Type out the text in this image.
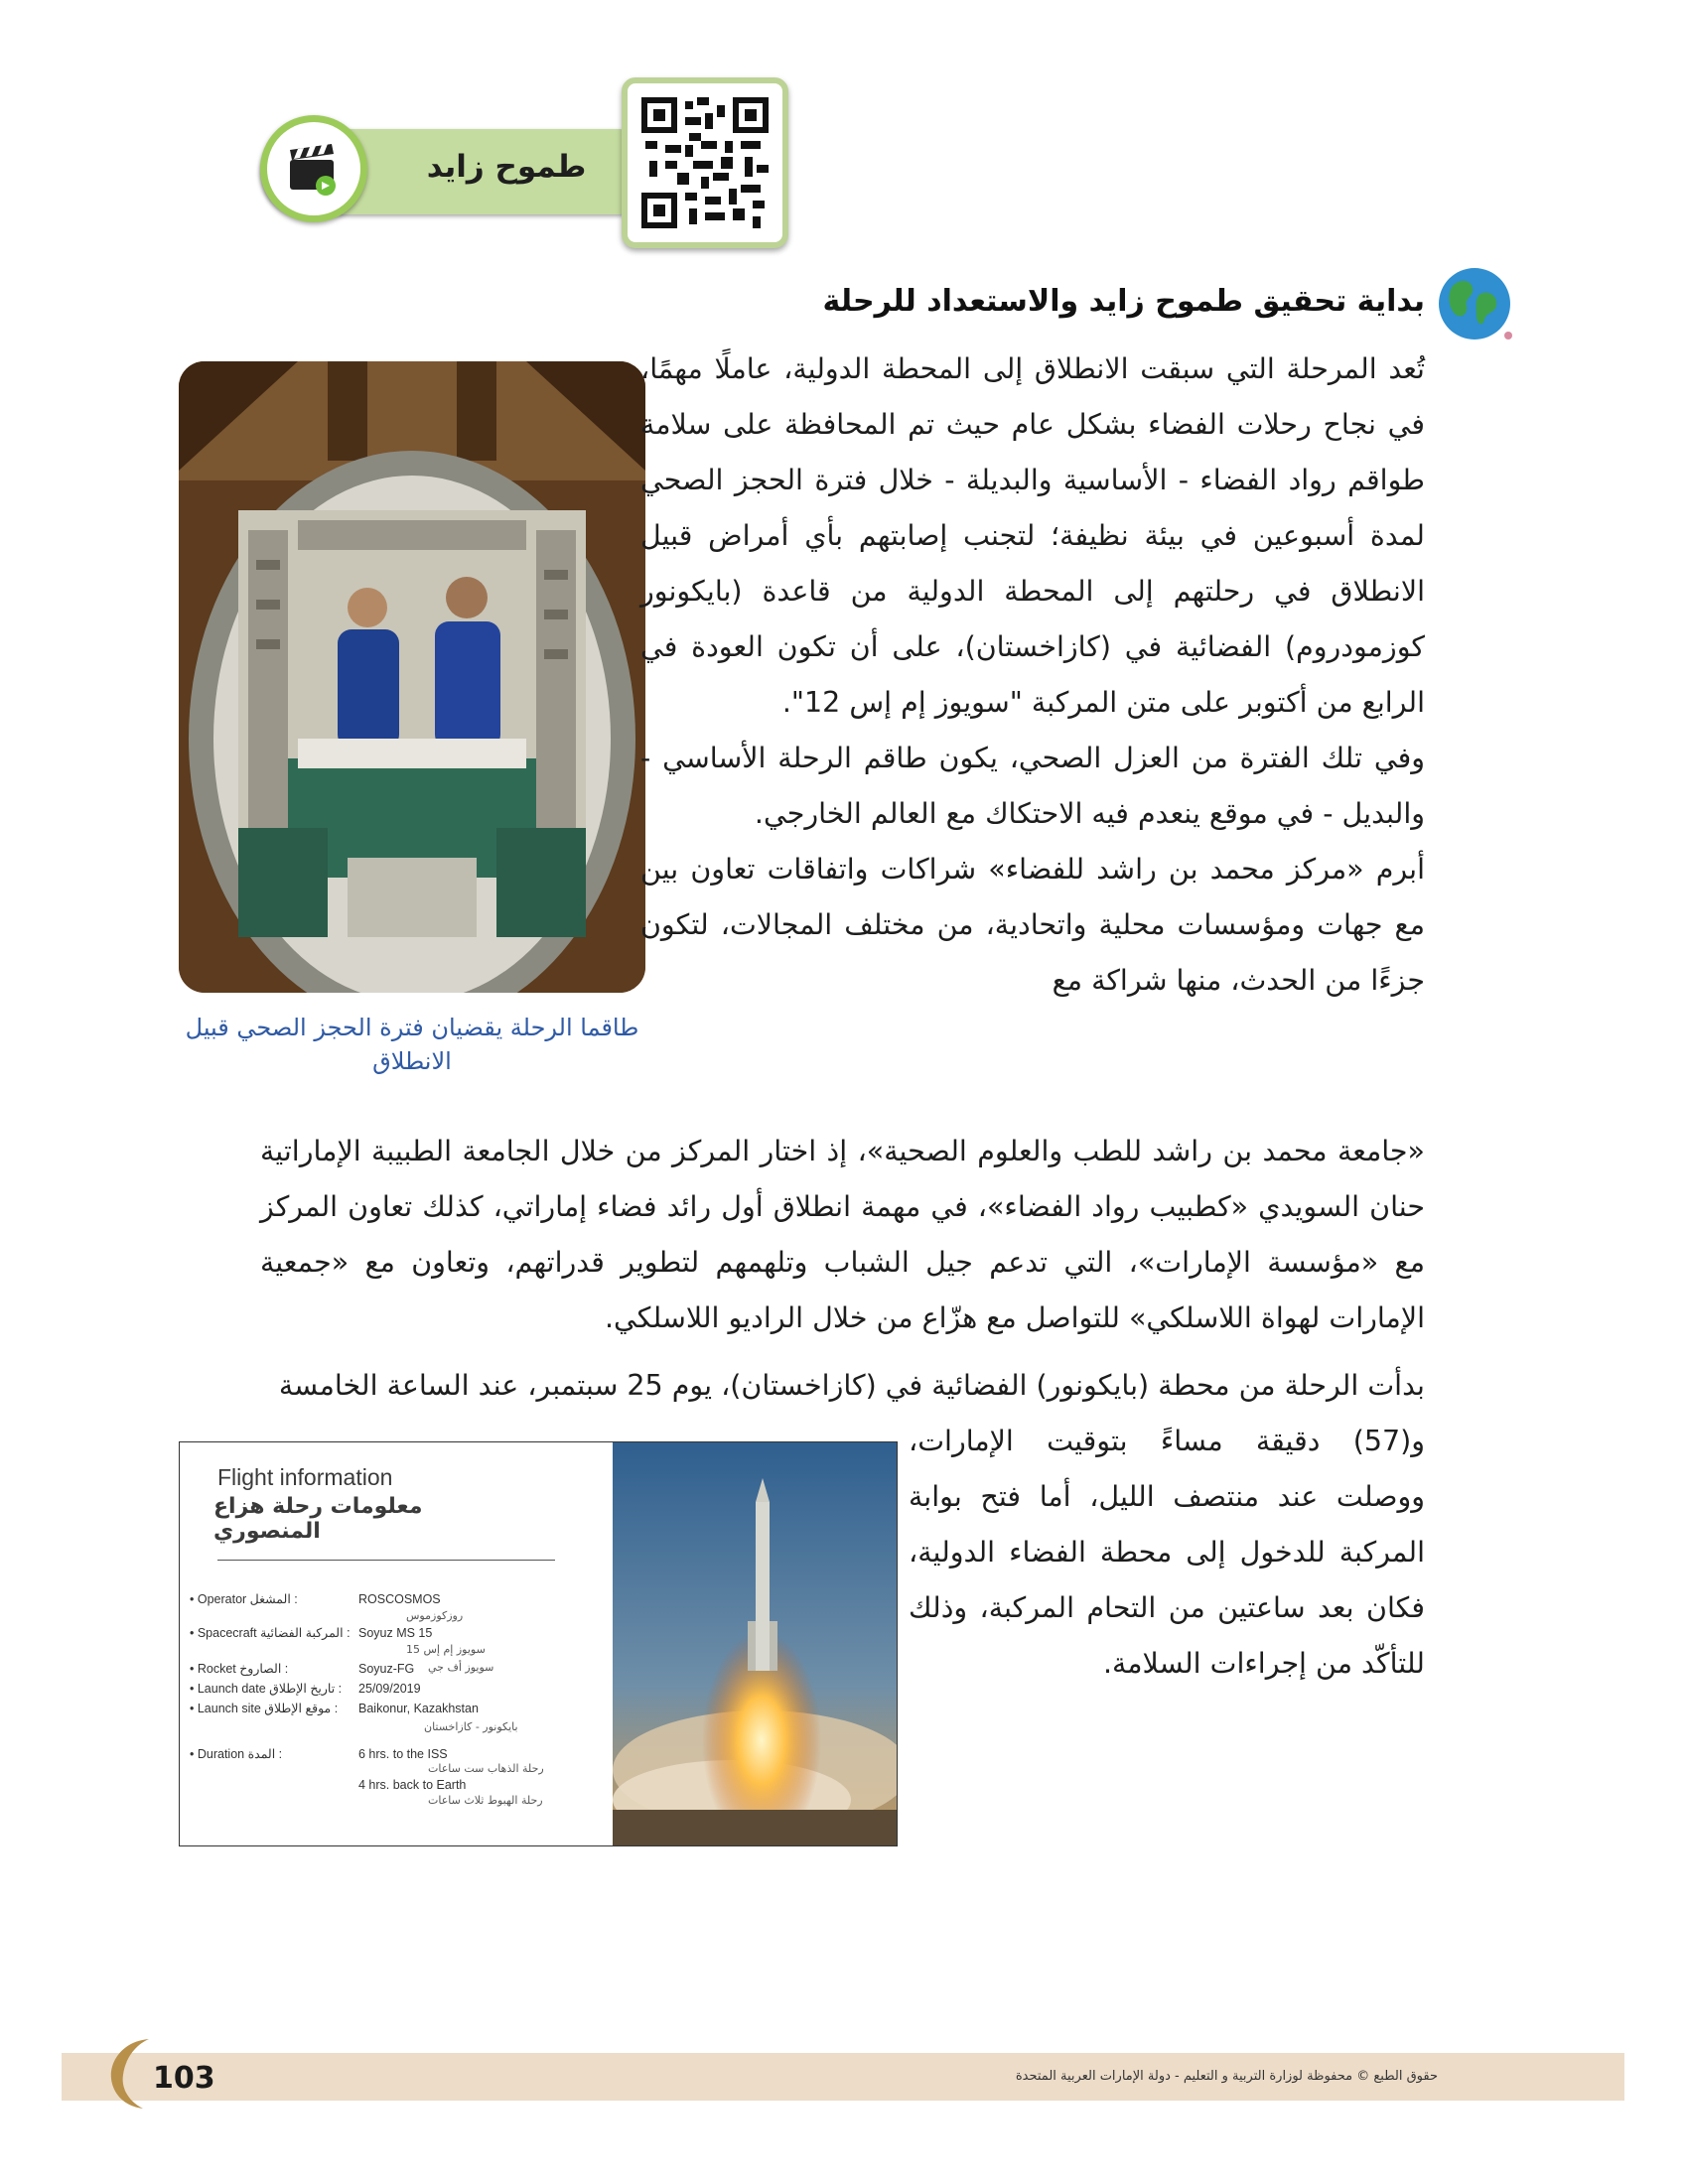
طموح زايد
بداية تحقيق طموح زايد والاستعداد للرحلة
طاقما الرحلة يقضيان فترة الحجز الصحي قبيل الانطلاق

تُعد المرحلة التي سبقت الانطلاق إلى المحطة الدولية، عاملًا مهمًا، في نجاح رحلات الفضاء بشكل عام حيث تم المحافظة على سلامة طواقم رواد الفضاء - الأساسية والبديلة - خلال فترة الحجز الصحي لمدة أسبوعين في بيئة نظيفة؛ لتجنب إصابتهم بأي أمراض قبيل الانطلاق في رحلتهم إلى المحطة الدولية من قاعدة (بايكونور كوزمودروم) الفضائية في (كازاخستان)، على أن تكون العودة في الرابع من أكتوبر على متن المركبة "سويوز إم إس 12".
وفي تلك الفترة من العزل الصحي، يكون طاقم الرحلة الأساسي - والبديل - في موقع ينعدم فيه الاحتكاك مع العالم الخارجي.
أبرم «مركز محمد بن راشد للفضاء» شراكات واتفاقات تعاون بين مع جهات ومؤسسات محلية واتحادية، من مختلف المجالات، لتكون جزءًا من الحدث، منها شراكة مع

«جامعة محمد بن راشد للطب والعلوم الصحية»، إذ اختار المركز من خلال الجامعة الطبيبة الإماراتية حنان السويدي «كطبيب رواد الفضاء»، في مهمة انطلاق أول رائد فضاء إماراتي، كذلك تعاون المركز مع «مؤسسة الإمارات»، التي تدعم جيل الشباب وتلهمهم لتطوير قدراتهم، وتعاون مع «جمعية الإمارات لهواة اللاسلكي» للتواصل مع هزّاع من خلال الراديو اللاسلكي.

بدأت الرحلة من محطة (بايكونور) الفضائية في (كازاخستان)، يوم 25 سبتمبر، عند الساعة الخامسة

و(57) دقيقة مساءً بتوقيت الإمارات، ووصلت عند منتصف الليل، أما فتح بوابة المركبة للدخول إلى محطة الفضاء الدولية، فكان بعد ساعتين من التحام المركبة، وذلك للتأكّد من إجراءات السلامة.

Flight information
معلومات رحلة هزاع المنصوري
• Operator المشغل :	ROSCOSMOS
روزكوزموس
• Spacecraft المركبة الفضائية : Soyuz MS 15
سويوز إم إس 15
• Rocket الصاروخ :	Soyuz-FG سويوز أف جي
• Launch date تاريخ الإطلاق : 25/09/2019
• Launch site موقع الإطلاق : Baikonur, Kazakhstan
بايكونور - كازاخستان
• Duration المدة :	6 hrs. to the ISS
رحلة الذهاب ست ساعات
4 hrs. back to Earth
رحلة الهبوط ثلاث ساعات
103	حقوق الطبع © محفوظة لوزارة التربية و التعليم - دولة الإمارات العربية المتحدة
